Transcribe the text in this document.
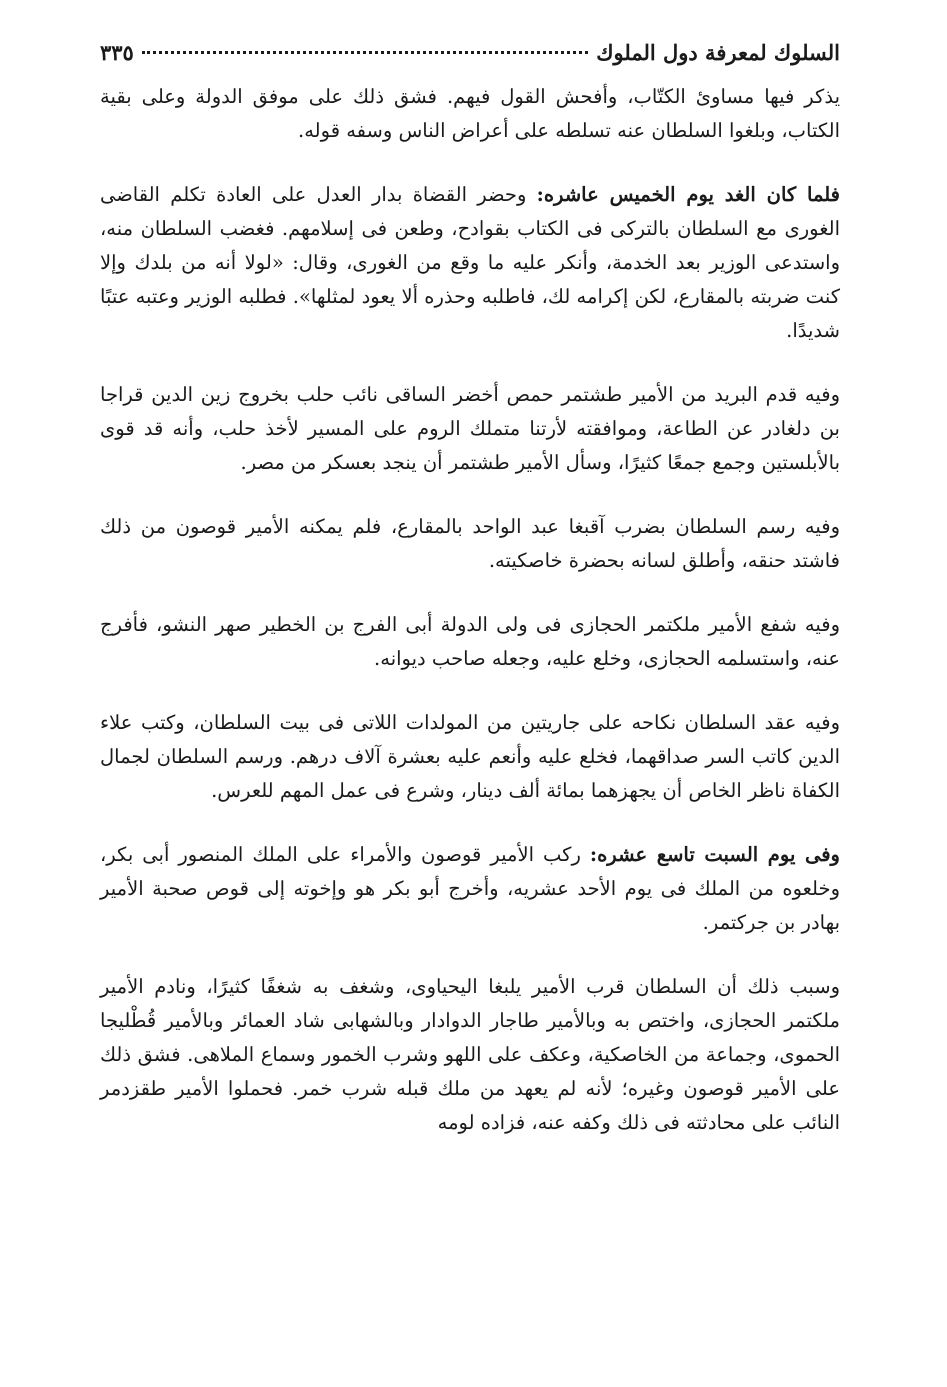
السلوك لمعرفة دول الملوك
٣٣٥

يذكر فيها مساوئ الكتّاب، وأفحش القول فيهم. فشق ذلك على موفق الدولة وعلى بقية الكتاب، وبلغوا السلطان عنه تسلطه على أعراض الناس وسفه قوله.

فلما كان الغد يوم الخميس عاشره: وحضر القضاة بدار العدل على العادة تكلم القاضى الغورى مع السلطان بالتركى فى الكتاب بقوادح، وطعن فى إسلامهم. فغضب السلطان منه، واستدعى الوزير بعد الخدمة، وأنكر عليه ما وقع من الغورى، وقال: «لولا أنه من بلدك وإلا كنت ضربته بالمقارع، لكن إكرامه لك، فاطلبه وحذره ألا يعود لمثلها». فطلبه الوزير وعتبه عتبًا شديدًا.

وفيه قدم البريد من الأمير طشتمر حمص أخضر الساقى نائب حلب بخروج زين الدين قراجا بن دلغادر عن الطاعة، وموافقته لأرتنا متملك الروم على المسير لأخذ حلب، وأنه قد قوى بالأبلستين وجمع جمعًا كثيرًا، وسأل الأمير طشتمر أن ينجد بعسكر من مصر.

وفيه رسم السلطان بضرب آقبغا عبد الواحد بالمقارع، فلم يمكنه الأمير قوصون من ذلك فاشتد حنقه، وأطلق لسانه بحضرة خاصكيته.

وفيه شفع الأمير ملكتمر الحجازى فى ولى الدولة أبى الفرج بن الخطير صهر النشو، فأفرج عنه، واستسلمه الحجازى، وخلع عليه، وجعله صاحب ديوانه.

وفيه عقد السلطان نكاحه على جاريتين من المولدات اللاتى فى بيت السلطان، وكتب علاء الدين كاتب السر صداقهما، فخلع عليه وأنعم عليه بعشرة آلاف درهم. ورسم السلطان لجمال الكفاة ناظر الخاص أن يجهزهما بمائة ألف دينار، وشرع فى عمل المهم للعرس.

وفى يوم السبت تاسع عشره: ركب الأمير قوصون والأمراء على الملك المنصور أبى بكر، وخلعوه من الملك فى يوم الأحد عشريه، وأخرج أبو بكر هو وإخوته إلى قوص صحبة الأمير بهادر بن جركتمر.

وسبب ذلك أن السلطان قرب الأمير يلبغا اليحياوى، وشغف به شغفًا كثيرًا، ونادم الأمير ملكتمر الحجازى، واختص به وبالأمير طاجار الدوادار وبالشهابى شاد العمائر وبالأمير قُطْليجا الحموى، وجماعة من الخاصكية، وعكف على اللهو وشرب الخمور وسماع الملاهى. فشق ذلك على الأمير قوصون وغيره؛ لأنه لم يعهد من ملك قبله شرب خمر. فحملوا الأمير طقزدمر النائب على محادثته فى ذلك وكفه عنه، فزاده لومه
